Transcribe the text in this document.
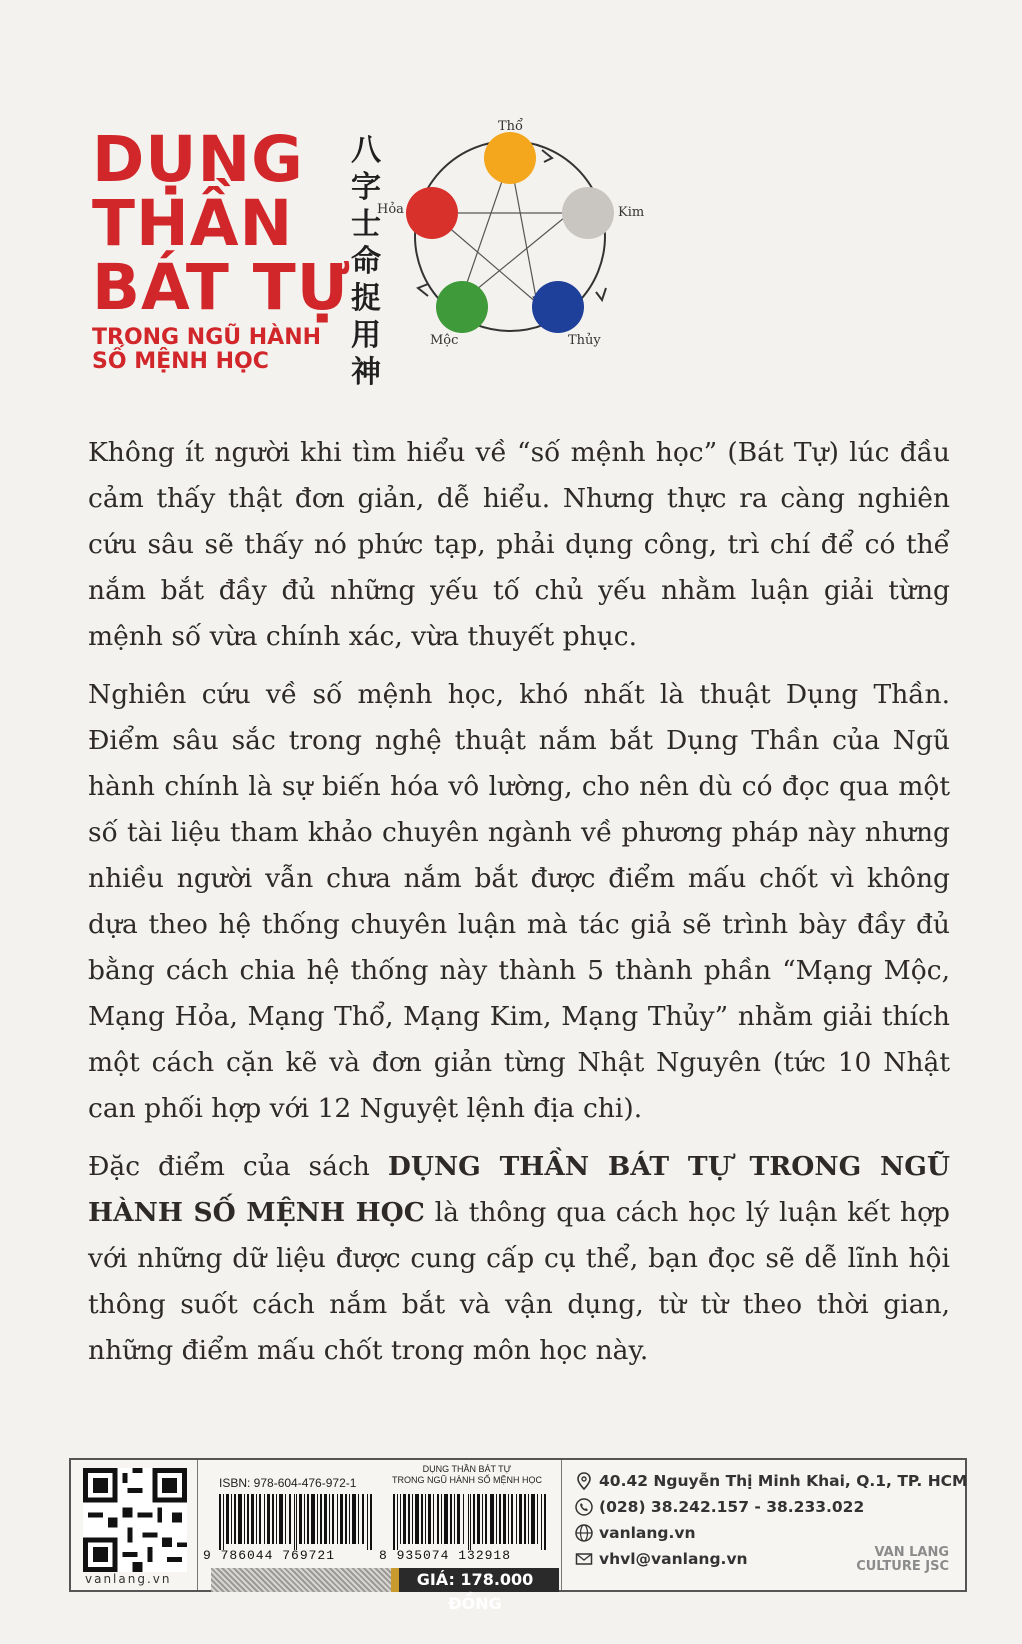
DỤNG
THẦN
BÁT TỰ
TRONG NGŨ HÀNH
SỐ MỆNH HỌC
八字士命捉用神
Thổ
Kim
Thủy
Mộc
Hỏa

Không ít người khi tìm hiểu về “số mệnh học” (Bát Tự) lúc đầu cảm thấy thật đơn giản, dễ hiểu. Nhưng thực ra càng nghiên cứu sâu sẽ thấy nó phức tạp, phải dụng công, trì chí để có thể nắm bắt đầy đủ những yếu tố chủ yếu nhằm luận giải từng mệnh số vừa chính xác, vừa thuyết phục.

Nghiên cứu về số mệnh học, khó nhất là thuật Dụng Thần. Điểm sâu sắc trong nghệ thuật nắm bắt Dụng Thần của Ngũ hành chính là sự biến hóa vô lường, cho nên dù có đọc qua một số tài liệu tham khảo chuyên ngành về phương pháp này nhưng nhiều người vẫn chưa nắm bắt được điểm mấu chốt vì không dựa theo hệ thống chuyên luận mà tác giả sẽ trình bày đầy đủ bằng cách chia hệ thống này thành 5 thành phần “Mạng Mộc, Mạng Hỏa, Mạng Thổ, Mạng Kim, Mạng Thủy” nhằm giải thích một cách cặn kẽ và đơn giản từng Nhật Nguyên (tức 10 Nhật can phối hợp với 12 Nguyệt lệnh địa chi).

Đặc điểm của sách DỤNG THẦN BÁT TỰ TRONG NGŨ HÀNH SỐ MỆNH HỌC là thông qua cách học lý luận kết hợp với những dữ liệu được cung cấp cụ thể, bạn đọc sẽ dễ lĩnh hội thông suốt cách nắm bắt và vận dụng, từ từ theo thời gian, những điểm mấu chốt trong môn học này.

vanlang.vn
ISBN: 978-604-476-972-1
DỤNG THẦN BÁT TỰ
TRONG NGŨ HÀNH SỐ MỆNH HỌC
9 786044 769721	8 935074 132918
GIÁ: 178.000 ĐỒNG
40.42 Nguyễn Thị Minh Khai, Q.1, TP. HCM
(028) 38.242.157 - 38.233.022
vanlang.vn
vhvl@vanlang.vn	VAN LANG
CULTURE JSC
